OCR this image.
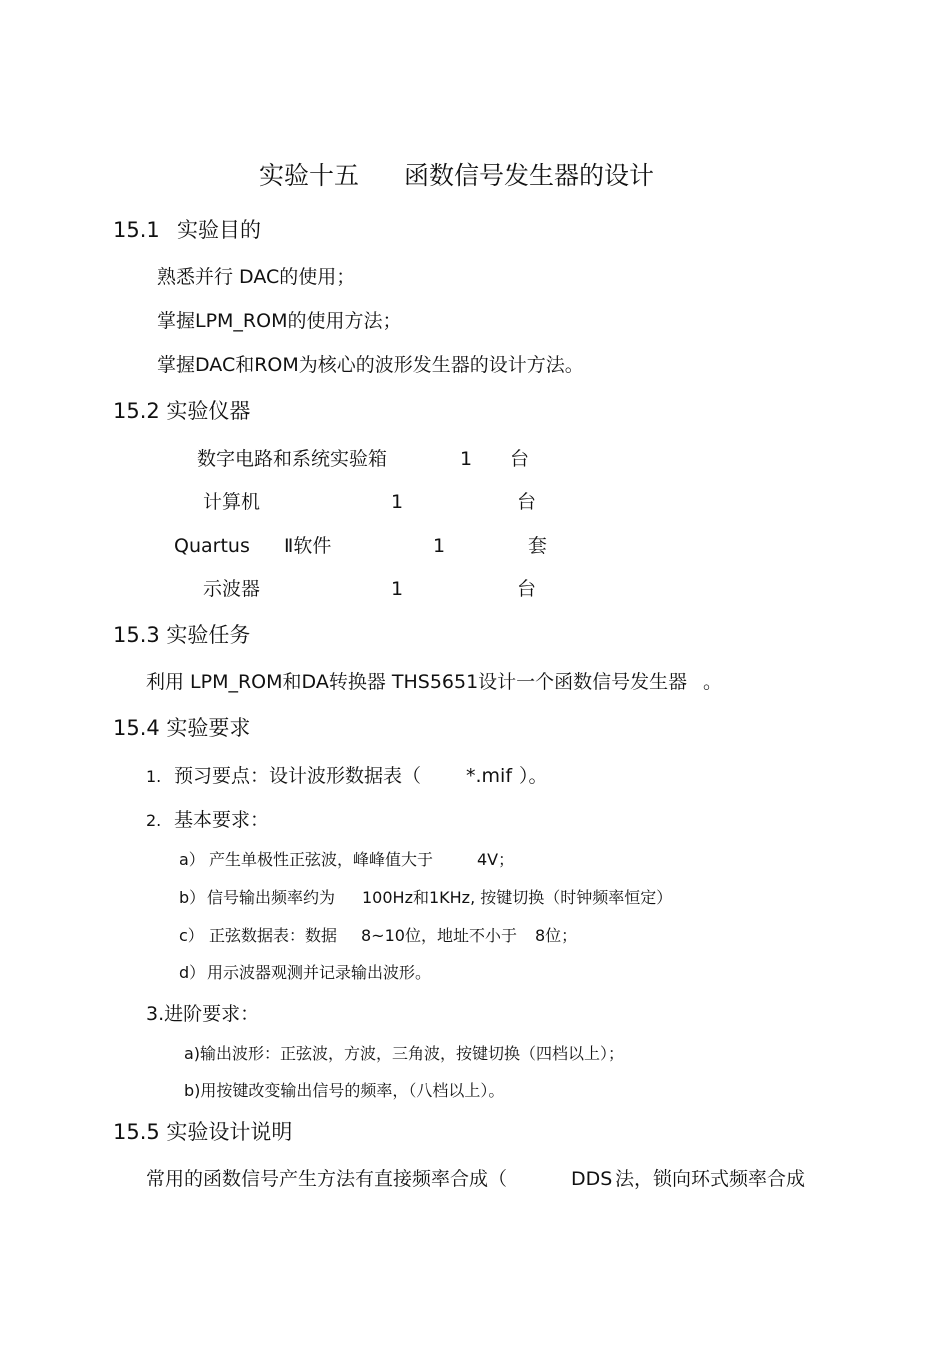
实验十五 函数信号发生器的设计
15.1 实验目的
熟悉并行 DAC的使用；
掌握LPM_ROM的使用方法；
掌握DAC和ROM为核心的波形发生器的设计方法。
15.2 实验仪器
数字电路和系统实验箱	1 台
计算机	1	台
Quartus Ⅱ软件	1	套
示波器	1	台
15.3 实验任务
利用 LPM_ROM和DA转换器 THS5651设计一个函数信号发生器 。
15.4 实验要求
1. 预习要点：设计波形数据表（ *.mif ）。
2. 基本要求：
a） 产生单极性正弦波，峰峰值大于	4V；
b） 信号输出频率约为 100Hz和1KHz, 按键切换（时钟频率恒定）
c） 正弦数据表：数据 8~10位，地址不小于 8位；
d） 用示波器观测并记录输出波形。
3.进阶要求：
a)输出波形：正弦波，方波，三角波，按键切换（四档以上）；
b)用按键改变输出信号的频率，（八档以上）。
15.5 实验设计说明
常用的函数信号产生方法有直接频率合成（	DDS 法，锁向环式频率合成
